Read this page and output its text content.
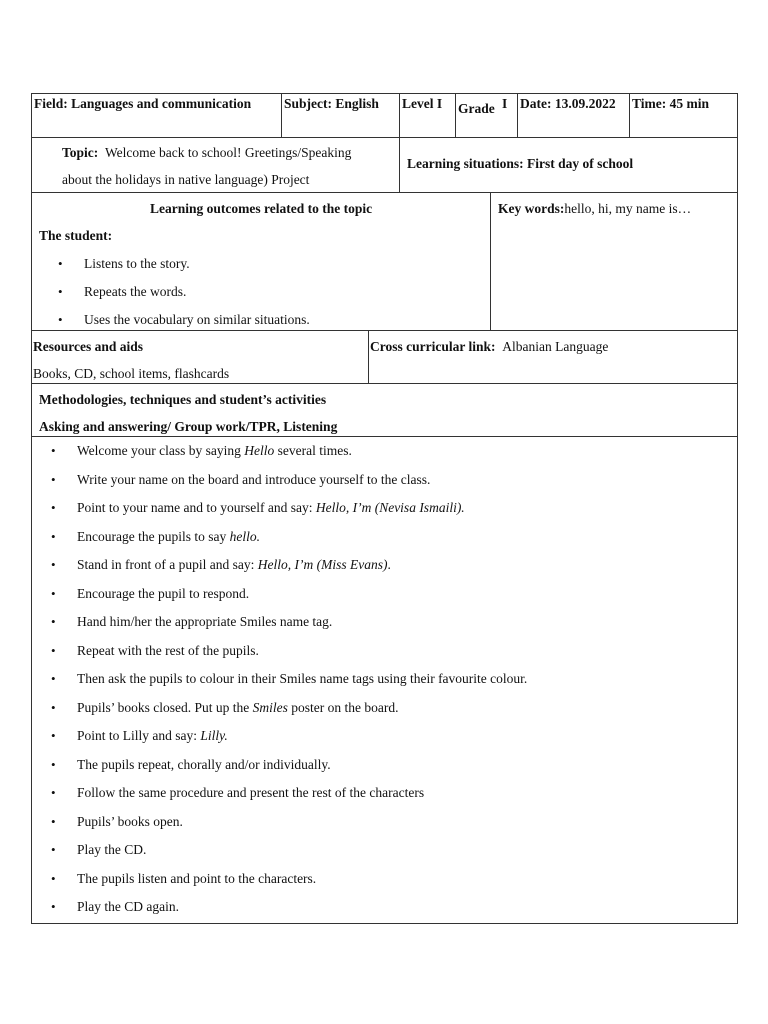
Field: Languages and communication Subject: English Level I Grade I Date: 13.09.2022 Time: 45 min
Topic: Welcome back to school! Greetings/Speaking
about the holidays in native language) Project
Learning situations: First day of school
Learning outcomes related to the topic
The student:
• Listens to the story.
• Repeats the words.
• Uses the vocabulary on similar situations.
Key words:hello, hi, my name is…
Resources and aids
Books, CD, school items, flashcards
Cross curricular link: Albanian Language
Methodologies, techniques and student’s activities
Asking and answering/ Group work/TPR, Listening
• Welcome your class by saying Hello several times.
• Write your name on the board and introduce yourself to the class.
• Point to your name and to yourself and say: Hello, I’m (Nevisa Ismaili).
• Encourage the pupils to say hello.
• Stand in front of a pupil and say: Hello, I’m (Miss Evans).
• Encourage the pupil to respond.
• Hand him/her the appropriate Smiles name tag.
• Repeat with the rest of the pupils.
• Then ask the pupils to colour in their Smiles name tags using their favourite colour.
• Pupils’ books closed. Put up the Smiles poster on the board.
• Point to Lilly and say: Lilly.
• The pupils repeat, chorally and/or individually.
• Follow the same procedure and present the rest of the characters
• Pupils’ books open.
• Play the CD.
• The pupils listen and point to the characters.
• Play the CD again.
